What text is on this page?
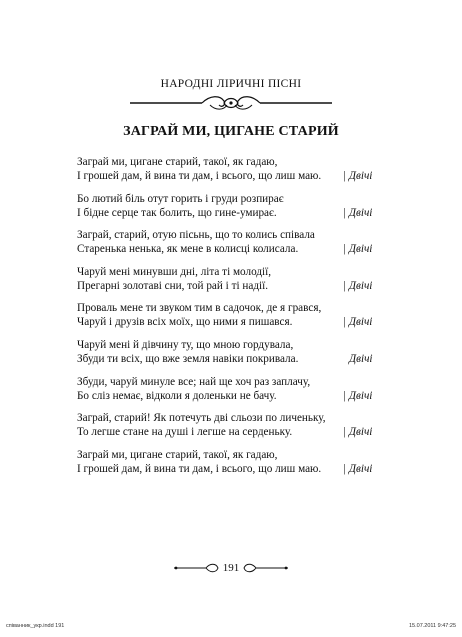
НАРОДНІ ЛІРИЧНІ ПІСНІ
ЗАГРАЙ МИ, ЦИГАНЕ СТАРИЙ
Заграй ми, цигане старий, такої, як гадаю,
І грошей дам, й вина ти дам, і всього, що лиш маю.	| Двічі
Бо лютий біль отут горить і груди розпирає
І бідне серце так болить, що гине-умирає.	| Двічі
Заграй, старий, отую пісьнь, що то колись співала
Старенька ненька, як мене в колисці колисала.	| Двічі
Чаруй мені минувши дні, літа ті молодії,
Прегарні золотаві сни, той рай і ті надії.	| Двічі
Проваль мене ти звуком тим в садочок, де я грався,
Чаруй і друзів всіх моїх, що ними я пишався.	| Двічі
Чаруй мені й дівчину ту, що мною гордувала,
Збуди ти всіх, що вже земля навіки покривала.	Двічі
Збуди, чаруй минуле все; най ще хоч раз заплачу,
Бо сліз немає, відколи я доленьки не бачу.	| Двічі
Заграй, старий! Як потечуть дві сльози по личеньку,
То легше стане на душі і легше на серденьку.	| Двічі
Заграй ми, цигане старий, такої, як гадаю,
І грошей дам, й вина ти дам, і всього, що лиш маю.	| Двічі
191
спiванник_укр.indd 191	15.07.2011 9:47:25
